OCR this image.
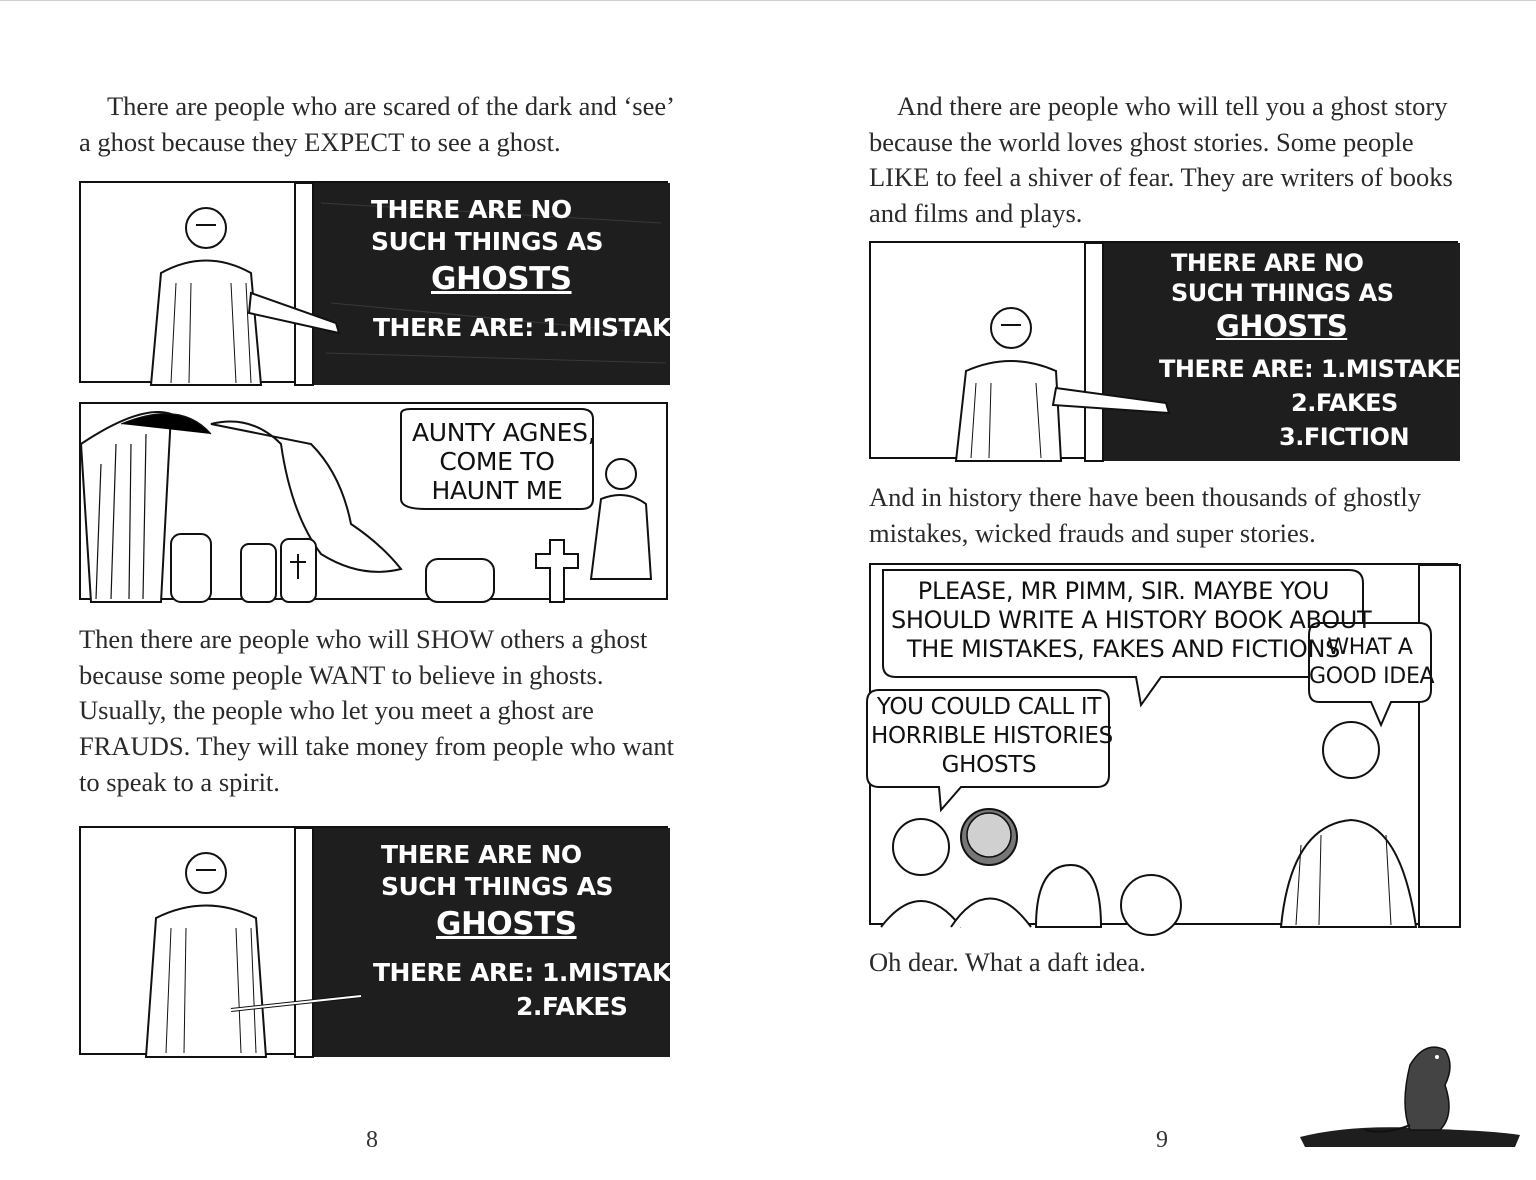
There are people who are scared of the dark and ‘see’ a ghost because they EXPECT to see a ghost.

THERE ARE NO
SUCH THINGS AS
GHOSTS
THERE ARE: 1.MISTAKES
AUNTY AGNES,
COME TO
HAUNT ME

Then there are people who will SHOW others a ghost because some people WANT to believe in ghosts. Usually, the people who let you meet a ghost are FRAUDS. They will take money from people who want to speak to a spirit.

THERE ARE NO
SUCH THINGS AS
GHOSTS
THERE ARE: 1.MISTAKES
2.FAKES
8

And there are people who will tell you a ghost story because the world loves ghost stories. Some people LIKE to feel a shiver of fear. They are writers of books and films and plays.

THERE ARE NO
SUCH THINGS AS
GHOSTS
THERE ARE: 1.MISTAKES
2.FAKES
3.FICTION

And in history there have been thousands of ghostly mistakes, wicked frauds and super stories.

PLEASE, MR PIMM, SIR. MAYBE YOU
SHOULD WRITE A HISTORY BOOK ABOUT
THE MISTAKES, FAKES AND FICTIONS
WHAT A
GOOD IDEA
YOU COULD CALL IT
HORRIBLE HISTORIES
GHOSTS

Oh dear. What a daft idea.

9
